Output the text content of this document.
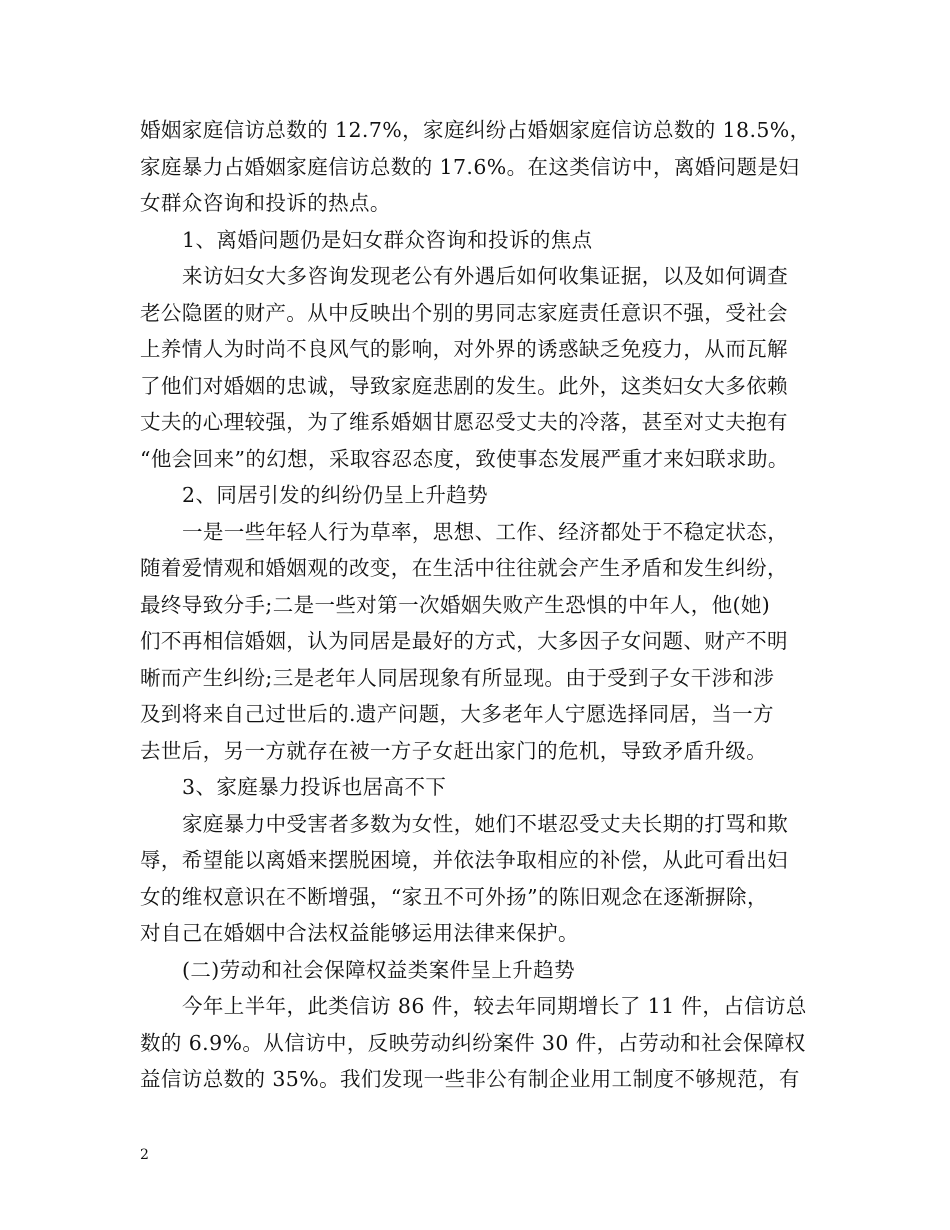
婚姻家庭信访总数的 12.7%，家庭纠纷占婚姻家庭信访总数的 18.5%，
家庭暴力占婚姻家庭信访总数的 17.6%。在这类信访中，离婚问题是妇
女群众咨询和投诉的热点。
1、离婚问题仍是妇女群众咨询和投诉的焦点
来访妇女大多咨询发现老公有外遇后如何收集证据，以及如何调查
老公隐匿的财产。从中反映出个别的男同志家庭责任意识不强，受社会
上养情人为时尚不良风气的影响，对外界的诱惑缺乏免疫力，从而瓦解
了他们对婚姻的忠诚，导致家庭悲剧的发生。此外，这类妇女大多依赖
丈夫的心理较强，为了维系婚姻甘愿忍受丈夫的冷落，甚至对丈夫抱有
“他会回来”的幻想，采取容忍态度，致使事态发展严重才来妇联求助。
2、同居引发的纠纷仍呈上升趋势
一是一些年轻人行为草率，思想、工作、经济都处于不稳定状态，
随着爱情观和婚姻观的改变，在生活中往往就会产生矛盾和发生纠纷，
最终导致分手;二是一些对第一次婚姻失败产生恐惧的中年人，他(她)
们不再相信婚姻，认为同居是最好的方式，大多因子女问题、财产不明
晰而产生纠纷;三是老年人同居现象有所显现。由于受到子女干涉和涉
及到将来自己过世后的.遗产问题，大多老年人宁愿选择同居，当一方
去世后，另一方就存在被一方子女赶出家门的危机，导致矛盾升级。
3、家庭暴力投诉也居高不下
家庭暴力中受害者多数为女性，她们不堪忍受丈夫长期的打骂和欺
辱，希望能以离婚来摆脱困境，并依法争取相应的补偿，从此可看出妇
女的维权意识在不断增强，“家丑不可外扬”的陈旧观念在逐渐摒除，
对自己在婚姻中合法权益能够运用法律来保护。
(二)劳动和社会保障权益类案件呈上升趋势
今年上半年，此类信访 86 件，较去年同期增长了 11 件，占信访总
数的 6.9%。从信访中，反映劳动纠纷案件 30 件，占劳动和社会保障权
益信访总数的 35%。我们发现一些非公有制企业用工制度不够规范，有
2
